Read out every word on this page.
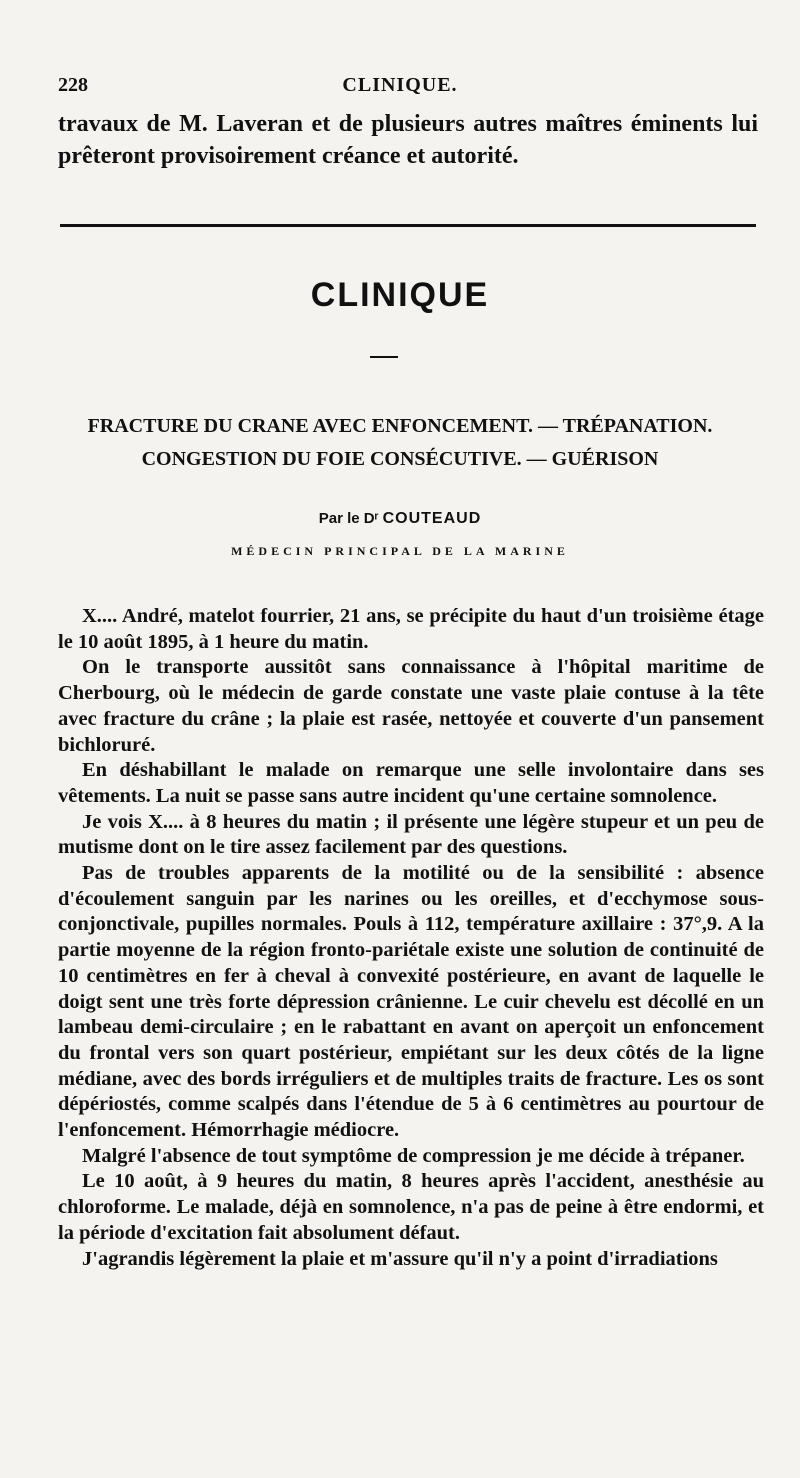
228	CLINIQUE.
travaux de M. Laveran et de plusieurs autres maîtres éminents lui prêteront provisoirement créance et autorité.
CLINIQUE
FRACTURE DU CRANE AVEC ENFONCEMENT. — TRÉPANATION.
CONGESTION DU FOIE CONSÉCUTIVE. — GUÉRISON
Par le Dʳ COUTEAUD
MÉDECIN PRINCIPAL DE LA MARINE

X.... André, matelot fourrier, 21 ans, se précipite du haut d'un troisième étage le 10 août 1895, à 1 heure du matin.

On le transporte aussitôt sans connaissance à l'hôpital maritime de Cherbourg, où le médecin de garde constate une vaste plaie contuse à la tête avec fracture du crâne ; la plaie est rasée, nettoyée et couverte d'un pansement bichloruré.

En déshabillant le malade on remarque une selle involontaire dans ses vêtements. La nuit se passe sans autre incident qu'une certaine somnolence.

Je vois X.... à 8 heures du matin ; il présente une légère stupeur et un peu de mutisme dont on le tire assez facilement par des questions.

Pas de troubles apparents de la motilité ou de la sensibilité : absence d'écoulement sanguin par les narines ou les oreilles, et d'ecchymose sous-conjonctivale, pupilles normales. Pouls à 112, température axillaire : 37°,9. A la partie moyenne de la région fronto-pariétale existe une solution de continuité de 10 centimètres en fer à cheval à convexité postérieure, en avant de laquelle le doigt sent une très forte dépression crânienne. Le cuir chevelu est décollé en un lambeau demi-circulaire ; en le rabattant en avant on aperçoit un enfoncement du frontal vers son quart postérieur, empiétant sur les deux côtés de la ligne médiane, avec des bords irréguliers et de multiples traits de fracture. Les os sont dépériostés, comme scalpés dans l'étendue de 5 à 6 centimètres au pourtour de l'enfoncement. Hémorrhagie médiocre.

Malgré l'absence de tout symptôme de compression je me décide à trépaner.

Le 10 août, à 9 heures du matin, 8 heures après l'accident, anesthésie au chloroforme. Le malade, déjà en somnolence, n'a pas de peine à être endormi, et la période d'excitation fait absolument défaut.

J'agrandis légèrement la plaie et m'assure qu'il n'y a point d'irradiations
